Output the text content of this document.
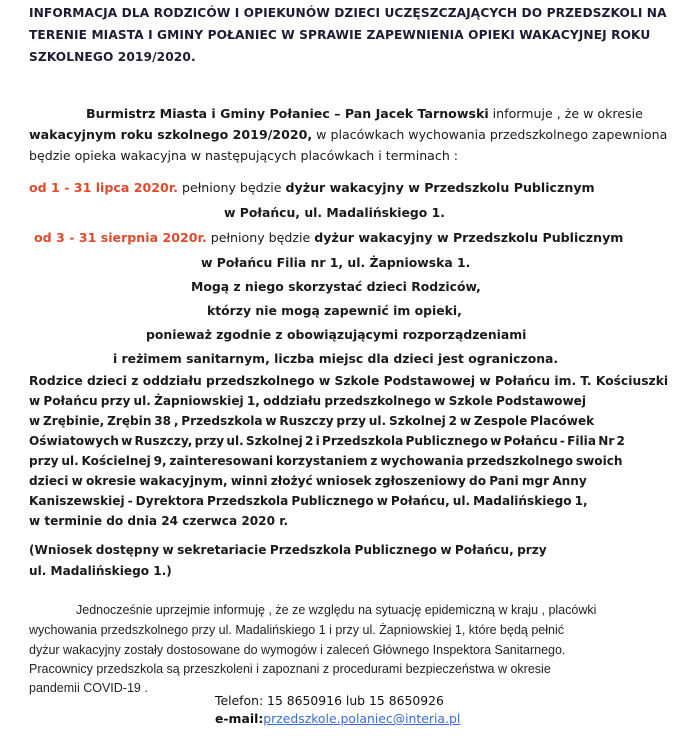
INFORMACJA DLA RODZICÓW I OPIEKUNÓW DZIECI UCZĘSZCZAJĄCYCH DO PRZEDSZKOLI NA
TERENIE MIASTA I GMINY POŁANIEC W SPRAWIE ZAPEWNIENIA OPIEKI WAKACYJNEJ ROKU
SZKOLNEGO 2019/2020.
Burmistrz Miasta i Gminy Połaniec – Pan Jacek Tarnowski informuje , że w okresie
wakacyjnym roku szkolnego 2019/2020, w placówkach wychowania przedszkolnego zapewniona
będzie opieka wakacyjna w następujących placówkach i terminach :
od 1 - 31 lipca 2020r. pełniony będzie dyżur wakacyjny w Przedszkolu Publicznym
w Połańcu, ul. Madalińskiego 1.
od 3 - 31 sierpnia 2020r. pełniony będzie dyżur wakacyjny w Przedszkolu Publicznym
w Połańcu Filia nr 1, ul. Żapniowska 1.
Mogą z niego skorzystać dzieci Rodziców,
którzy nie mogą zapewnić im opieki,
ponieważ zgodnie z obowiązującymi rozporządzeniami
i reżimem sanitarnym, liczba miejsc dla dzieci jest ograniczona.
Rodzice dzieci z oddziału przedszkolnego w Szkole Podstawowej w Połańcu im. T. Kościuszki
w Połańcu przy ul. Żapniowskiej 1, oddziału przedszkolnego w Szkole Podstawowej
w Zrębinie, Zrębin 38 , Przedszkola w Ruszczy przy ul. Szkolnej 2 w Zespole Placówek
Oświatowych w Ruszczy, przy ul. Szkolnej 2 i Przedszkola Publicznego w Połańcu - Filia Nr 2
przy ul. Kościelnej 9, zainteresowani korzystaniem z wychowania przedszkolnego swoich
dzieci w okresie wakacyjnym, winni złożyć wniosek zgłoszeniowy do Pani mgr Anny
Kaniszewskiej - Dyrektora Przedszkola Publicznego w Połańcu, ul. Madalińskiego 1,
w terminie do dnia 24 czerwca 2020 r.
(Wniosek dostępny w sekretariacie Przedszkola Publicznego w Połańcu, przy
ul. Madalińskiego 1.)
Jednocześnie uprzejmie informuję , że ze względu na sytuację epidemiczną w kraju , placówki
wychowania przedszkolnego przy ul. Madalińskiego 1 i przy ul. Żapniowskiej 1, które będą pełnić
dyżur wakacyjny zostały dostosowane do wymogów i zaleceń Głównego Inspektora Sanitarnego.
Pracownicy przedszkola są przeszkoleni i zapoznani z procedurami bezpieczeństwa w okresie
pandemii COVID-19 .
Telefon: 15 8650916 lub 15 8650926
e-mail:przedszkole.polaniec@interia.pl
